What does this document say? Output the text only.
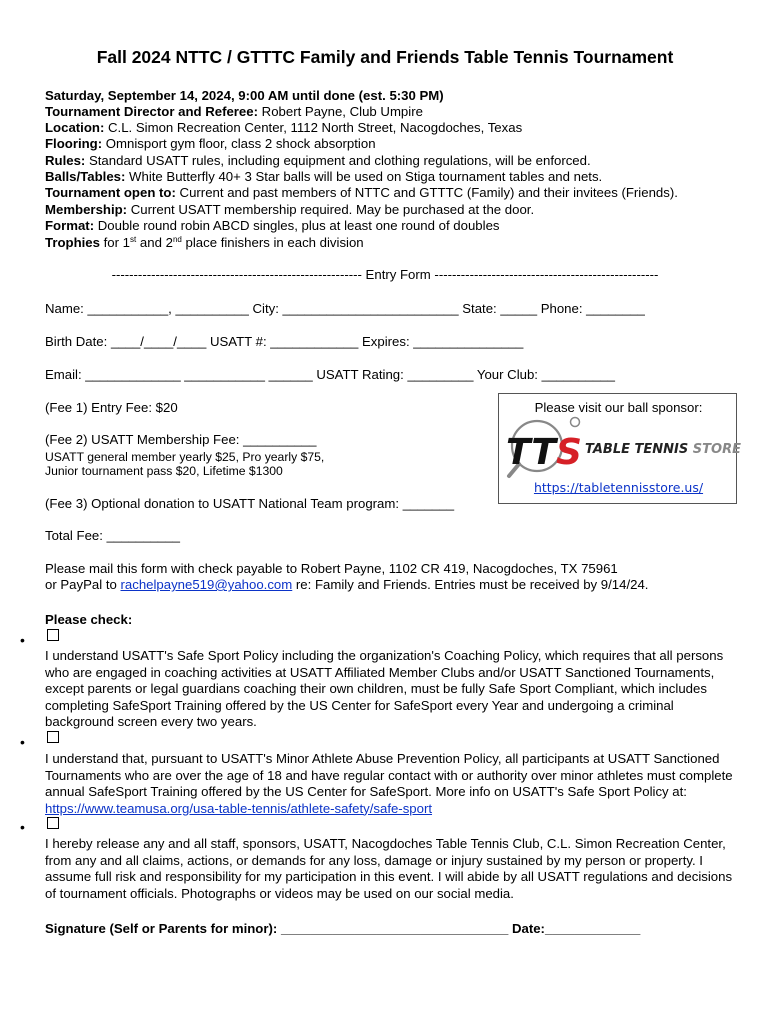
Fall 2024 NTTC / GTTTC Family and Friends Table Tennis Tournament
Saturday, September 14, 2024, 9:00 AM until done (est. 5:30 PM)
Tournament Director and Referee: Robert Payne, Club Umpire
Location: C.L. Simon Recreation Center, 1112 North Street, Nacogdoches, Texas
Flooring: Omnisport gym floor, class 2 shock absorption
Rules: Standard USATT rules, including equipment and clothing regulations, will be enforced.
Balls/Tables: White Butterfly 40+ 3 Star balls will be used on Stiga tournament tables and nets.
Tournament open to: Current and past members of NTTC and GTTTC (Family) and their invitees (Friends).
Membership: Current USATT membership required. May be purchased at the door.
Format: Double round robin ABCD singles, plus at least one round of doubles
Trophies for 1st and 2nd place finishers in each division
--------------------------------------------------------- Entry Form ---------------------------------------------------
Name: ___________, __________ City: ________________________ State: _____ Phone: ________
Birth Date: ____/____/____ USATT #: ____________ Expires: _______________
Email: _____________ ___________ ______ USATT Rating: _________ Your Club: __________
(Fee 1) Entry Fee: $20
(Fee 2) USATT Membership Fee: __________
USATT general member yearly $25, Pro yearly $75,
Junior tournament pass $20, Lifetime $1300
(Fee 3) Optional donation to USATT National Team program: _______
Total Fee: __________
Please mail this form with check payable to Robert Payne, 1102 CR 419, Nacogdoches, TX 75961
or PayPal to rachelpayne519@yahoo.com re: Family and Friends. Entries must be received by 9/14/24.
Please visit our ball sponsor:
TTS TABLE TENNIS STORE
https://tabletennisstore.us/
Please check:
•
I understand USATT's Safe Sport Policy including the organization's Coaching Policy, which requires that all persons who are engaged in coaching activities at USATT Affiliated Member Clubs and/or USATT Sanctioned Tournaments, except parents or legal guardians coaching their own children, must be fully Safe Sport Compliant, which includes completing SafeSport Training offered by the US Center for SafeSport every Year and undergoing a criminal background screen every two years.
•
I understand that, pursuant to USATT's Minor Athlete Abuse Prevention Policy, all participants at USATT Sanctioned Tournaments who are over the age of 18 and have regular contact with or authority over minor athletes must complete annual SafeSport Training offered by the US Center for SafeSport. More info on USATT's Safe Sport Policy at: https://www.teamusa.org/usa-table-tennis/athlete-safety/safe-sport
•
I hereby release any and all staff, sponsors, USATT, Nacogdoches Table Tennis Club, C.L. Simon Recreation Center, from any and all claims, actions, or demands for any loss, damage or injury sustained by my person or property. I assume full risk and responsibility for my participation in this event. I will abide by all USATT regulations and decisions of tournament officials. Photographs or videos may be used on our social media.
Signature (Self or Parents for minor): _______________________________ Date:_____________
